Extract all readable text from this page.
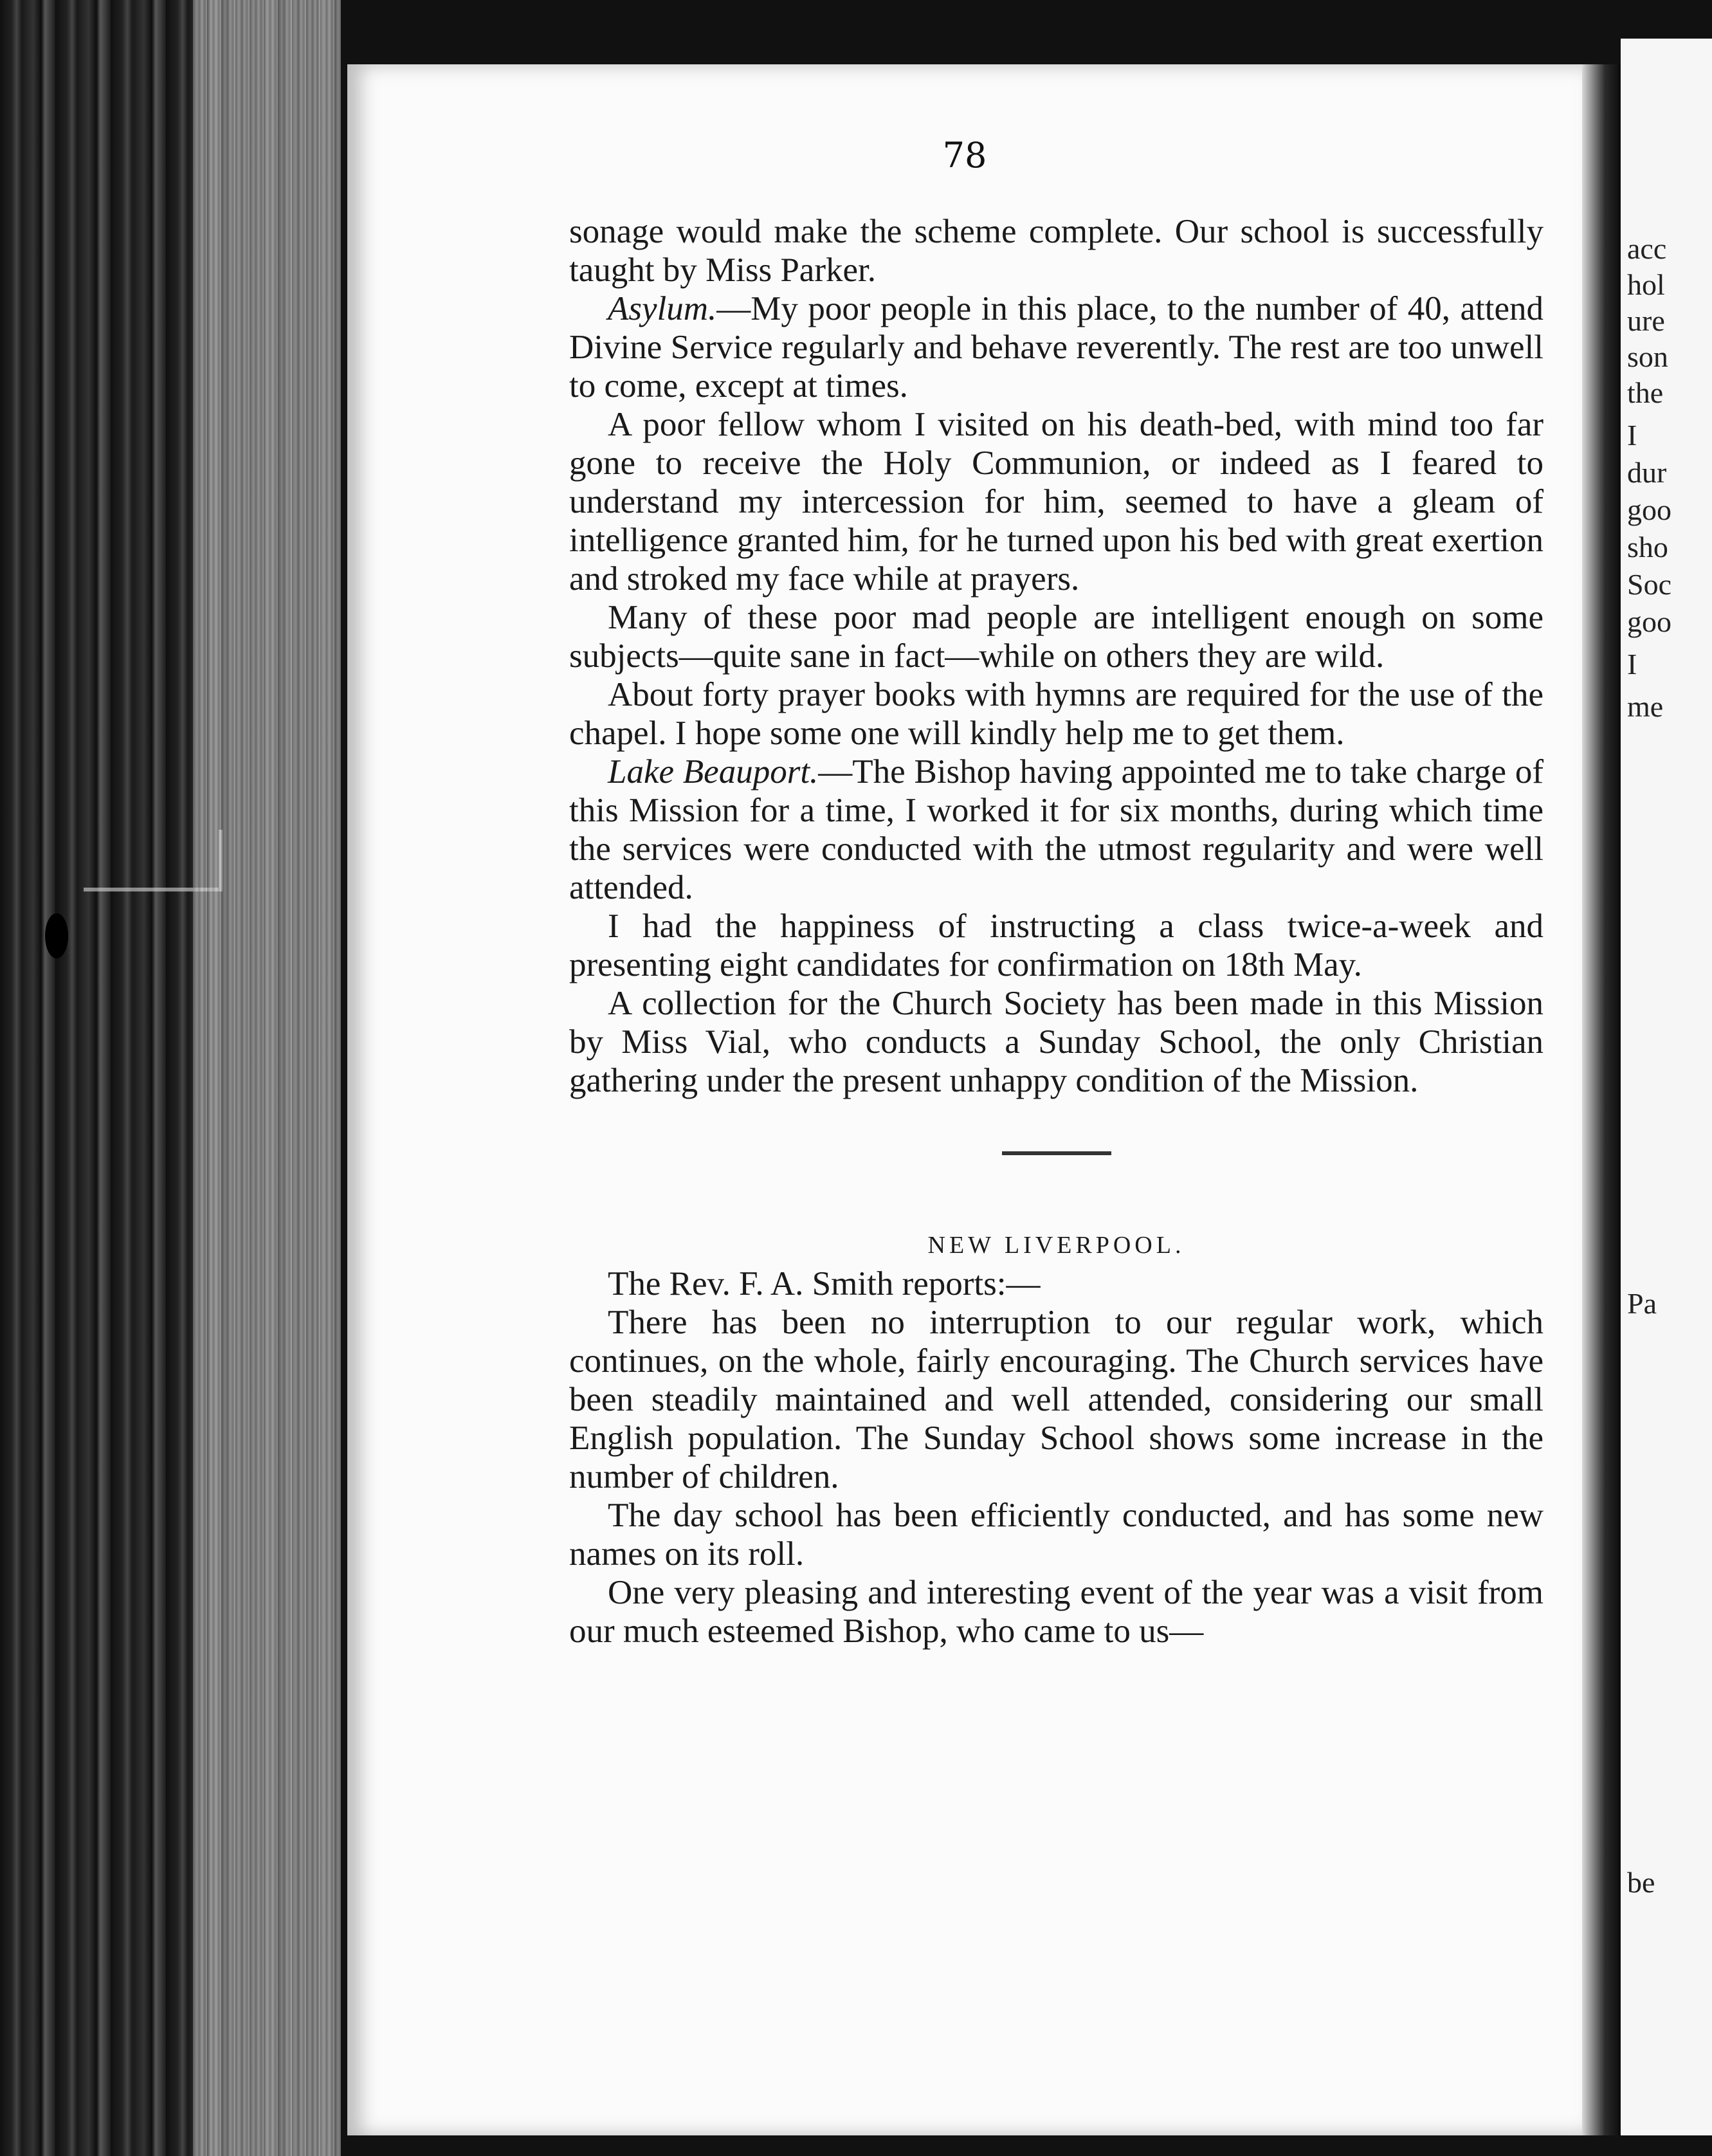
78

sonage would make the scheme complete. Our school is successfully taught by Miss Parker.

Asylum.—My poor people in this place, to the number of 40, attend Divine Service regularly and behave reverently. The rest are too unwell to come, except at times.

A poor fellow whom I visited on his death-bed, with mind too far gone to receive the Holy Communion, or indeed as I feared to understand my intercession for him, seemed to have a gleam of intelligence granted him, for he turned upon his bed with great exertion and stroked my face while at prayers.

Many of these poor mad people are intelligent enough on some subjects—quite sane in fact—while on others they are wild.

About forty prayer books with hymns are required for the use of the chapel. I hope some one will kindly help me to get them.

Lake Beauport.—The Bishop having appointed me to take charge of this Mission for a time, I worked it for six months, during which time the services were conducted with the utmost regularity and were well attended.

I had the happiness of instructing a class twice-a-week and presenting eight candidates for confirmation on 18th May.

A collection for the Church Society has been made in this Mission by Miss Vial, who conducts a Sunday School, the only Christian gathering under the present unhappy condition of the Mission.

NEW LIVERPOOL.

The Rev. F. A. Smith reports:—

There has been no interruption to our regular work, which continues, on the whole, fairly encouraging. The Church services have been steadily maintained and well attended, considering our small English population. The Sunday School shows some increase in the number of children.

The day school has been efficiently conducted, and has some new names on its roll.

One very pleasing and interesting event of the year was a visit from our much esteemed Bishop, who came to us—

acc
hol
ure
son
the
I
dur
goo
sho
Soc
goo
I
me
Pa
be
